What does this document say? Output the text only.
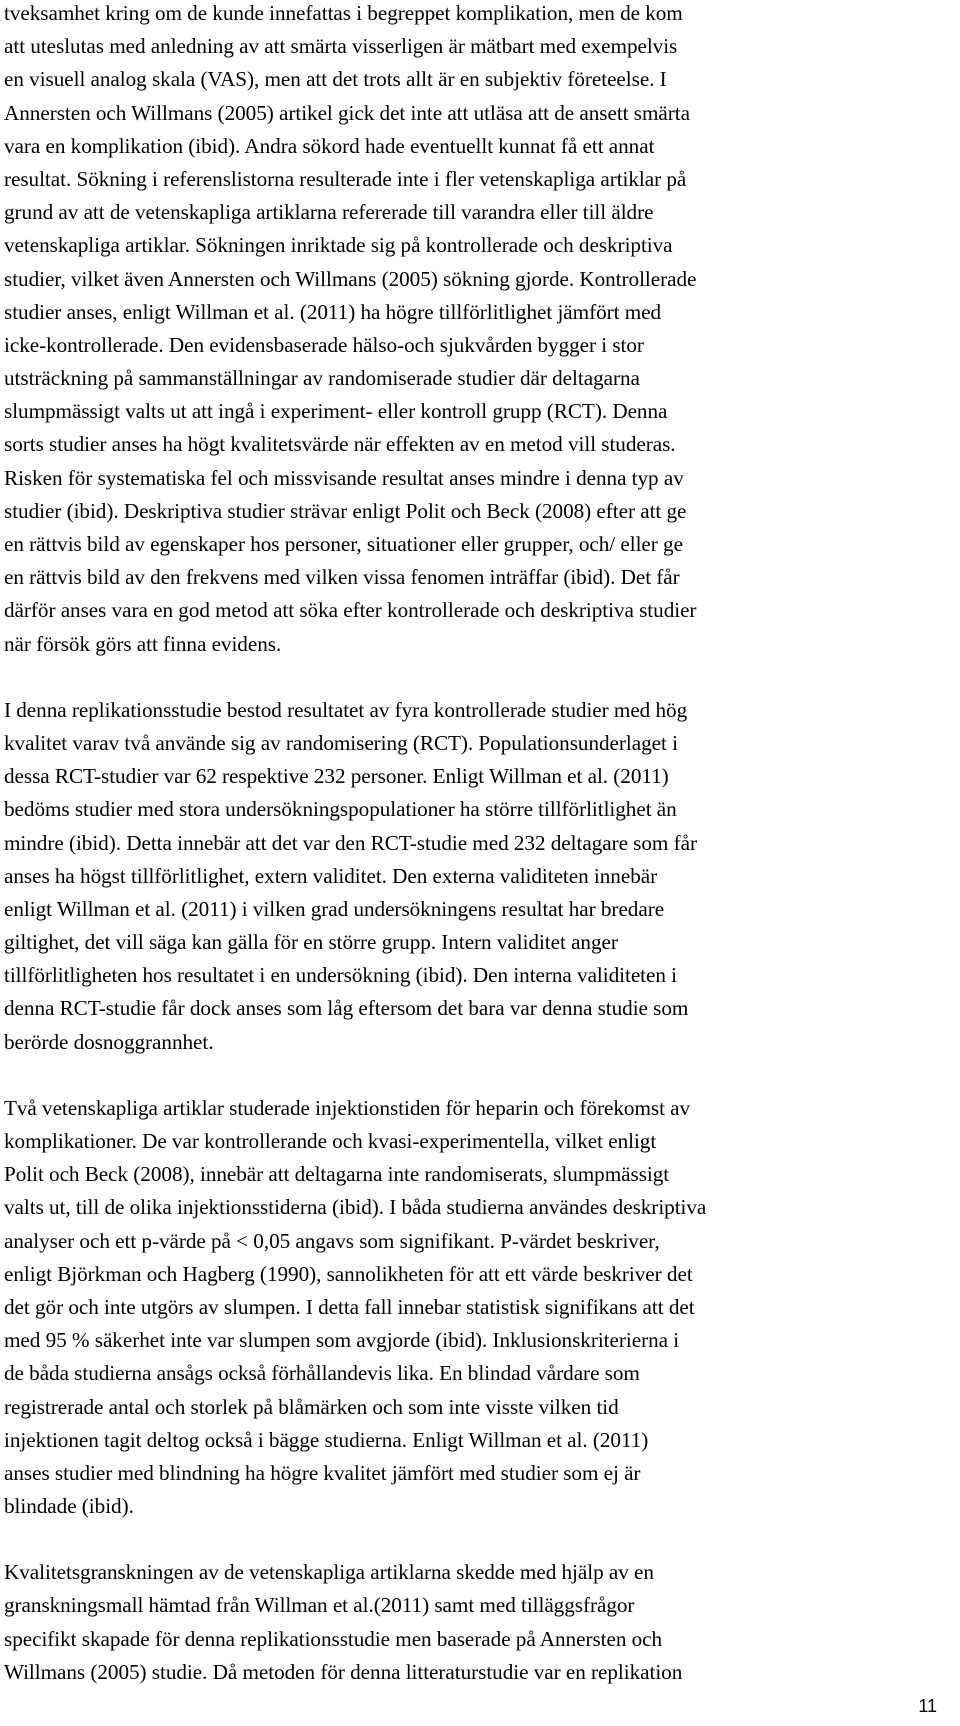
tveksamhet kring om de kunde innefattas i begreppet komplikation, men de kom
att uteslutas med anledning av att smärta visserligen är mätbart med exempelvis
en visuell analog skala (VAS), men att det trots allt är en subjektiv företeelse. I
Annersten och Willmans (2005) artikel gick det inte att utläsa att de ansett smärta
vara en komplikation (ibid). Andra sökord hade eventuellt kunnat få ett annat
resultat. Sökning i referenslistorna resulterade inte i fler vetenskapliga artiklar på
grund av att de vetenskapliga artiklarna refererade till varandra eller till äldre
vetenskapliga artiklar. Sökningen inriktade sig på kontrollerade och deskriptiva
studier, vilket även Annersten och Willmans (2005) sökning gjorde. Kontrollerade
studier anses, enligt Willman et al. (2011) ha högre tillförlitlighet jämfört med
icke-kontrollerade. Den evidensbaserade hälso-och sjukvården bygger i stor
utsträckning på sammanställningar av randomiserade studier där deltagarna
slumpmässigt valts ut att ingå i experiment- eller kontroll grupp (RCT). Denna
sorts studier anses ha högt kvalitetsvärde när effekten av en metod vill studeras.
Risken för systematiska fel och missvisande resultat anses mindre i denna typ av
studier (ibid). Deskriptiva studier strävar enligt Polit och Beck (2008) efter att ge
en rättvis bild av egenskaper hos personer, situationer eller grupper, och/ eller ge
en rättvis bild av den frekvens med vilken vissa fenomen inträffar (ibid). Det får
därför anses vara en god metod att söka efter kontrollerade och deskriptiva studier
när försök görs att finna evidens.

I denna replikationsstudie bestod resultatet av fyra kontrollerade studier med hög
kvalitet varav två använde sig av randomisering (RCT). Populationsunderlaget i
dessa RCT-studier var 62 respektive 232 personer. Enligt Willman et al. (2011)
bedöms studier med stora undersökningspopulationer ha större tillförlitlighet än
mindre (ibid). Detta innebär att det var den RCT-studie med 232 deltagare som får
anses ha högst tillförlitlighet, extern validitet. Den externa validiteten innebär
enligt Willman et al. (2011) i vilken grad undersökningens resultat har bredare
giltighet, det vill säga kan gälla för en större grupp. Intern validitet anger
tillförlitligheten hos resultatet i en undersökning (ibid). Den interna validiteten i
denna RCT-studie får dock anses som låg eftersom det bara var denna studie som
berörde dosnoggrannhet.

Två vetenskapliga artiklar studerade injektionstiden för heparin och förekomst av
komplikationer. De var kontrollerande och kvasi-experimentella, vilket enligt
Polit och Beck (2008), innebär att deltagarna inte randomiserats, slumpmässigt
valts ut, till de olika injektionsstiderna (ibid). I båda studierna användes deskriptiva
analyser och ett p-värde på < 0,05 angavs som signifikant. P-värdet beskriver,
enligt Björkman och Hagberg (1990), sannolikheten för att ett värde beskriver det
det gör och inte utgörs av slumpen. I detta fall innebar statistisk signifikans att det
med 95 % säkerhet inte var slumpen som avgjorde (ibid). Inklusionskriterierna i
de båda studierna ansågs också förhållandevis lika. En blindad vårdare som
registrerade antal och storlek på blåmärken och som inte visste vilken tid
injektionen tagit deltog också i bägge studierna. Enligt Willman et al. (2011)
anses studier med blindning ha högre kvalitet jämfört med studier som ej är
blindade (ibid).

Kvalitetsgranskningen av de vetenskapliga artiklarna skedde med hjälp av en
granskningsmall hämtad från Willman et al.(2011) samt med tilläggsfrågor
specifikt skapade för denna replikationsstudie men baserade på Annersten och
Willmans (2005) studie. Då metoden för denna litteraturstudie var en replikation

11
